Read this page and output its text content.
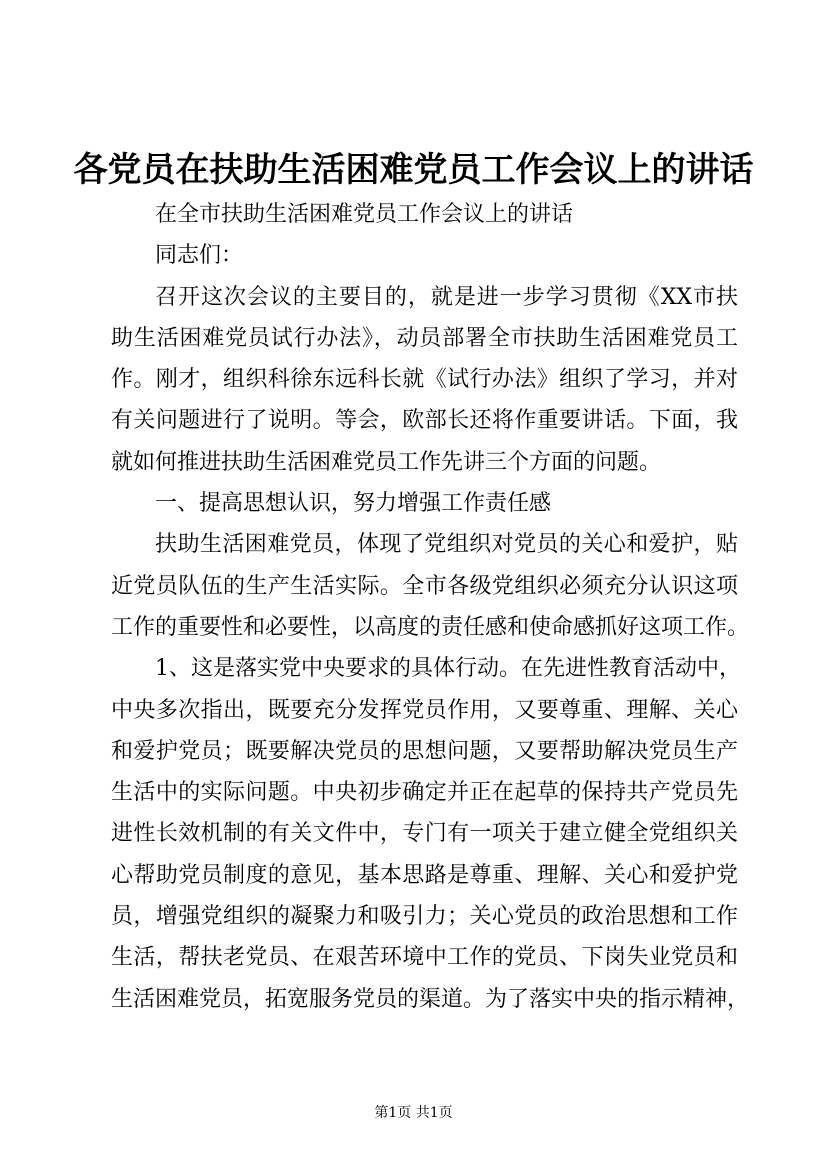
各党员在扶助生活困难党员工作会议上的讲话
在全市扶助生活困难党员工作会议上的讲话
同志们：
召开这次会议的主要目的，就是进一步学习贯彻《XX市扶
助生活困难党员试行办法》，动员部署全市扶助生活困难党员工
作。刚才，组织科徐东远科长就《试行办法》组织了学习，并对
有关问题进行了说明。等会，欧部长还将作重要讲话。下面，我
就如何推进扶助生活困难党员工作先讲三个方面的问题。
一、提高思想认识，努力增强工作责任感
扶助生活困难党员，体现了党组织对党员的关心和爱护，贴
近党员队伍的生产生活实际。全市各级党组织必须充分认识这项
工作的重要性和必要性，以高度的责任感和使命感抓好这项工作。
1、这是落实党中央要求的具体行动。在先进性教育活动中，
中央多次指出，既要充分发挥党员作用，又要尊重、理解、关心
和爱护党员；既要解决党员的思想问题，又要帮助解决党员生产
生活中的实际问题。中央初步确定并正在起草的保持共产党员先
进性长效机制的有关文件中，专门有一项关于建立健全党组织关
心帮助党员制度的意见，基本思路是尊重、理解、关心和爱护党
员，增强党组织的凝聚力和吸引力；关心党员的政治思想和工作
生活，帮扶老党员、在艰苦环境中工作的党员、下岗失业党员和
生活困难党员，拓宽服务党员的渠道。为了落实中央的指示精神，
第1页 共1页
